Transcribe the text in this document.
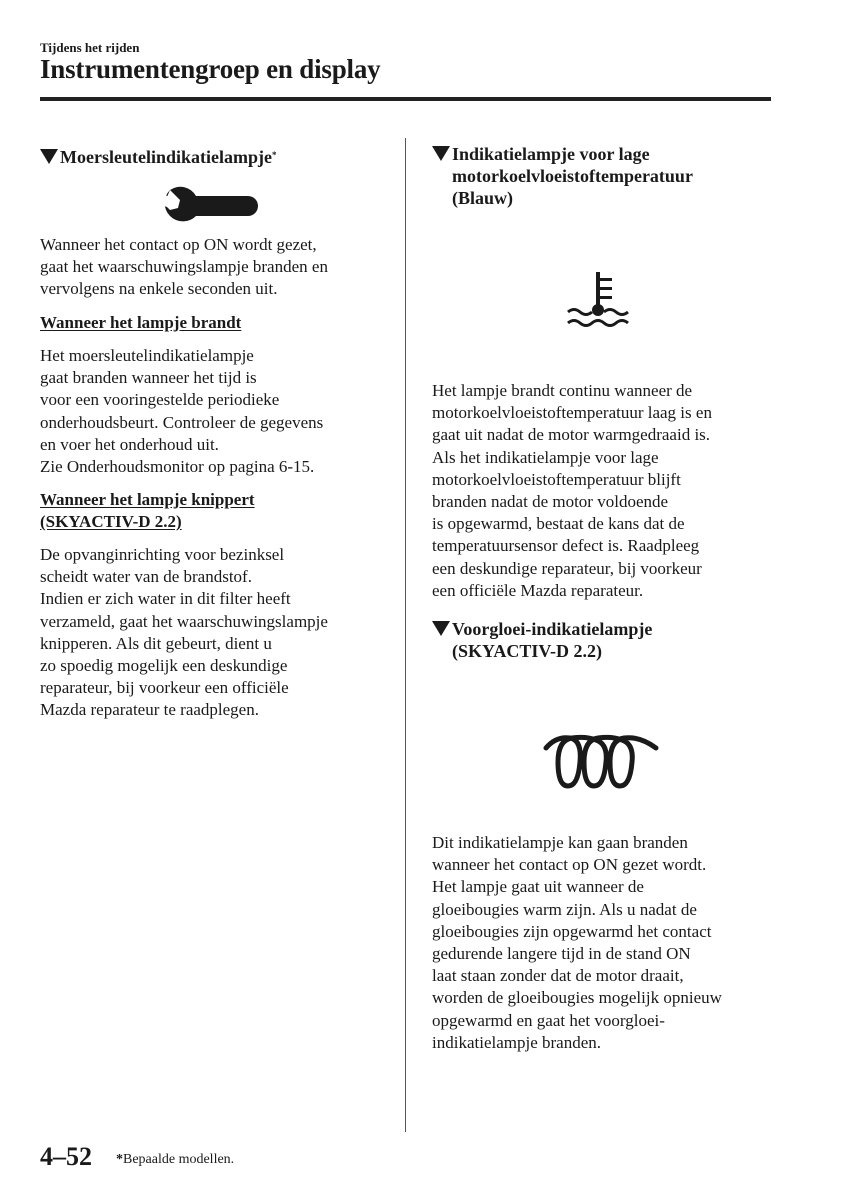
Tijdens het rijden
Instrumentengroep en display
Moersleutelindikatielampje*
Wanneer het contact op ON wordt gezet,
gaat het waarschuwingslampje branden en
vervolgens na enkele seconden uit.
Wanneer het lampje brandt
Het moersleutelindikatielampje
gaat branden wanneer het tijd is
voor een vooringestelde periodieke
onderhoudsbeurt. Controleer de gegevens
en voer het onderhoud uit.
Zie Onderhoudsmonitor op pagina 6-15.
Wanneer het lampje knippert
(SKYACTIV-D 2.2)
De opvanginrichting voor bezinksel
scheidt water van de brandstof.
Indien er zich water in dit filter heeft
verzameld, gaat het waarschuwingslampje
knipperen. Als dit gebeurt, dient u
zo spoedig mogelijk een deskundige
reparateur, bij voorkeur een officiële
Mazda reparateur te raadplegen.
Indikatielampje voor lage
motorkoelvloeistoftemperatuur
(Blauw)
Het lampje brandt continu wanneer de
motorkoelvloeistoftemperatuur laag is en
gaat uit nadat de motor warmgedraaid is.
Als het indikatielampje voor lage
motorkoelvloeistoftemperatuur blijft
branden nadat de motor voldoende
is opgewarmd, bestaat de kans dat de
temperatuursensor defect is. Raadpleeg
een deskundige reparateur, bij voorkeur
een officiële Mazda reparateur.
Voorgloei-indikatielampje
(SKYACTIV-D 2.2)
Dit indikatielampje kan gaan branden
wanneer het contact op ON gezet wordt.
Het lampje gaat uit wanneer de
gloeibougies warm zijn. Als u nadat de
gloeibougies zijn opgewarmd het contact
gedurende langere tijd in de stand ON
laat staan zonder dat de motor draait,
worden de gloeibougies mogelijk opnieuw
opgewarmd en gaat het voorgloei-
indikatielampje branden.
4–52 *Bepaalde modellen.
